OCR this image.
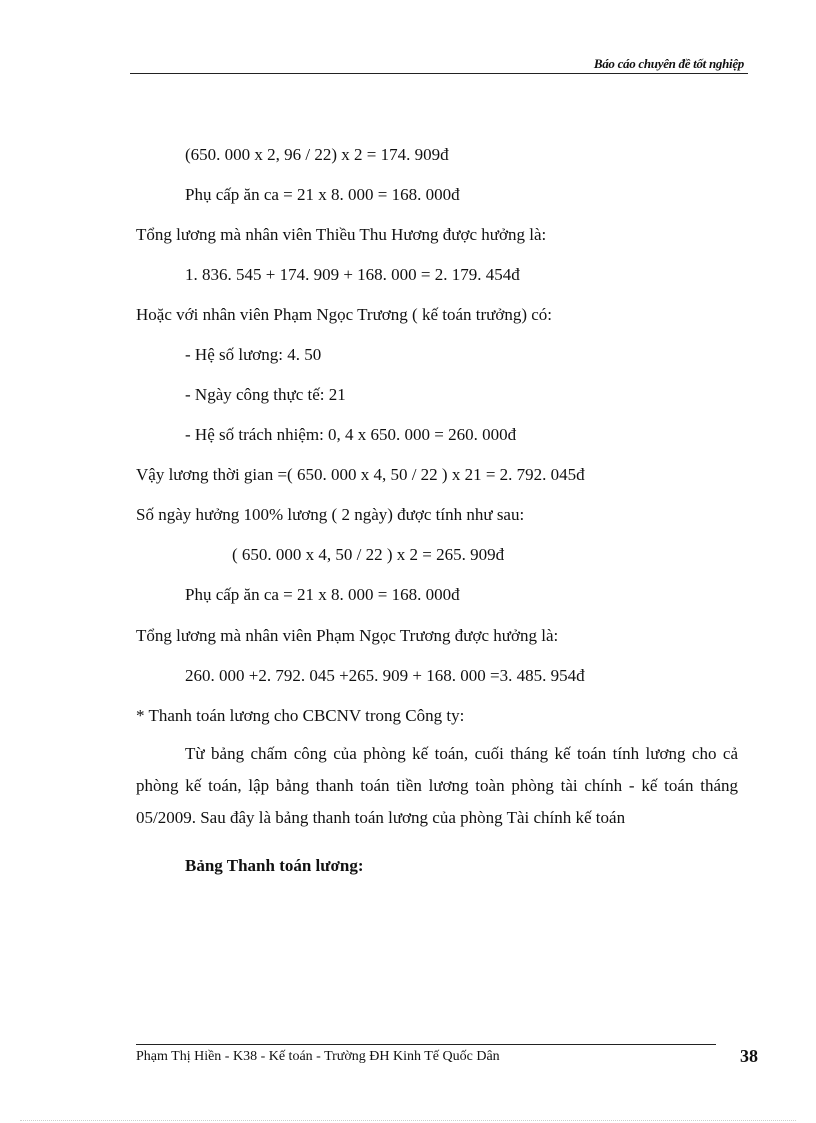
Báo cáo chuyên đề tốt nghiệp
(650. 000 x 2, 96 / 22) x 2 = 174. 909đ
Phụ cấp ăn ca = 21 x 8. 000 = 168. 000đ
Tổng lương mà nhân viên Thiều Thu Hương được hưởng là:
1. 836. 545 + 174. 909 + 168. 000 = 2. 179. 454đ
Hoặc với nhân viên Phạm Ngọc Trương ( kế toán trưởng) có:
- Hệ số lương: 4. 50
- Ngày công thực tế: 21
- Hệ số trách nhiệm: 0, 4 x 650. 000 = 260. 000đ
Vậy lương thời gian =( 650. 000 x 4, 50 / 22 ) x 21 = 2. 792. 045đ
Số ngày hưởng 100% lương ( 2 ngày) được tính như sau:
( 650. 000 x 4, 50 / 22 ) x 2 = 265. 909đ
Phụ cấp ăn ca = 21 x 8. 000 = 168. 000đ
Tổng lương mà nhân viên Phạm Ngọc Trương được hưởng là:
260. 000 +2. 792. 045 +265. 909 + 168. 000 =3. 485. 954đ
* Thanh toán lương cho CBCNV trong Công ty:
Từ bảng chấm công của phòng kế toán, cuối tháng kế toán tính lương cho cả phòng kế toán, lập bảng thanh toán tiền lương toàn phòng tài chính - kế toán tháng 05/2009. Sau đây là bảng thanh toán lương của phòng Tài chính kế toán
Bảng Thanh toán lương:
Phạm Thị Hiền - K38 - Kế toán - Trường ĐH Kinh Tế Quốc Dân	38
